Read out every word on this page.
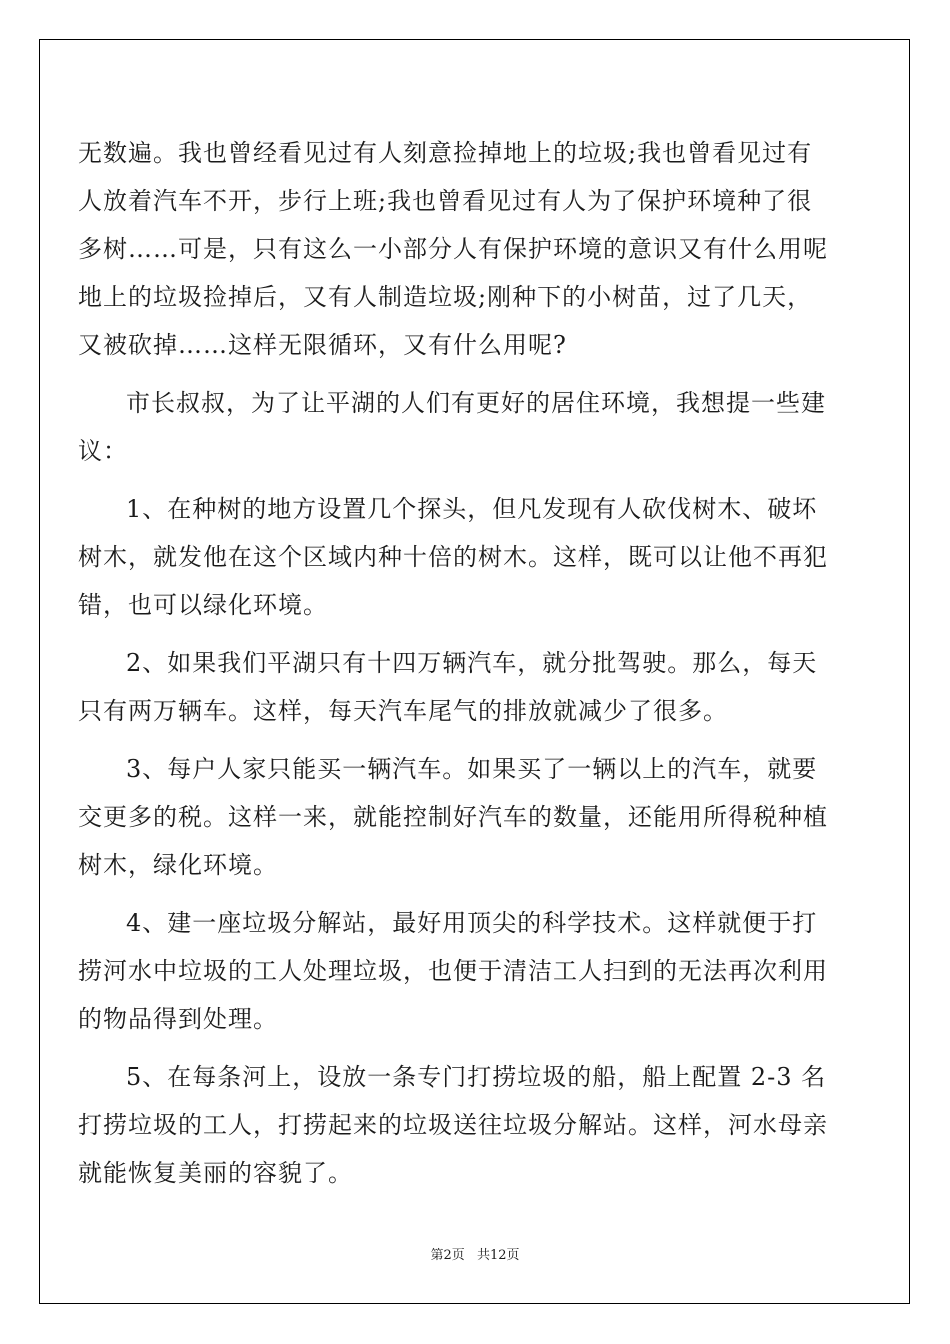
无数遍。我也曾经看见过有人刻意捡掉地上的垃圾;我也曾看见过有
人放着汽车不开，步行上班;我也曾看见过有人为了保护环境种了很
多树……可是，只有这么一小部分人有保护环境的意识又有什么用呢
地上的垃圾捡掉后，又有人制造垃圾;刚种下的小树苗，过了几天，
又被砍掉……这样无限循环，又有什么用呢?
市长叔叔，为了让平湖的人们有更好的居住环境，我想提一些建
议：
1、在种树的地方设置几个探头，但凡发现有人砍伐树木、破坏
树木，就发他在这个区域内种十倍的树木。这样，既可以让他不再犯
错，也可以绿化环境。
2、如果我们平湖只有十四万辆汽车，就分批驾驶。那么，每天
只有两万辆车。这样，每天汽车尾气的排放就减少了很多。
3、每户人家只能买一辆汽车。如果买了一辆以上的汽车，就要
交更多的税。这样一来，就能控制好汽车的数量，还能用所得税种植
树木，绿化环境。
4、建一座垃圾分解站，最好用顶尖的科学技术。这样就便于打
捞河水中垃圾的工人处理垃圾，也便于清洁工人扫到的无法再次利用
的物品得到处理。
5、在每条河上，设放一条专门打捞垃圾的船，船上配置 2-3 名
打捞垃圾的工人，打捞起来的垃圾送往垃圾分解站。这样，河水母亲
就能恢复美丽的容貌了。
第2页 共12页
